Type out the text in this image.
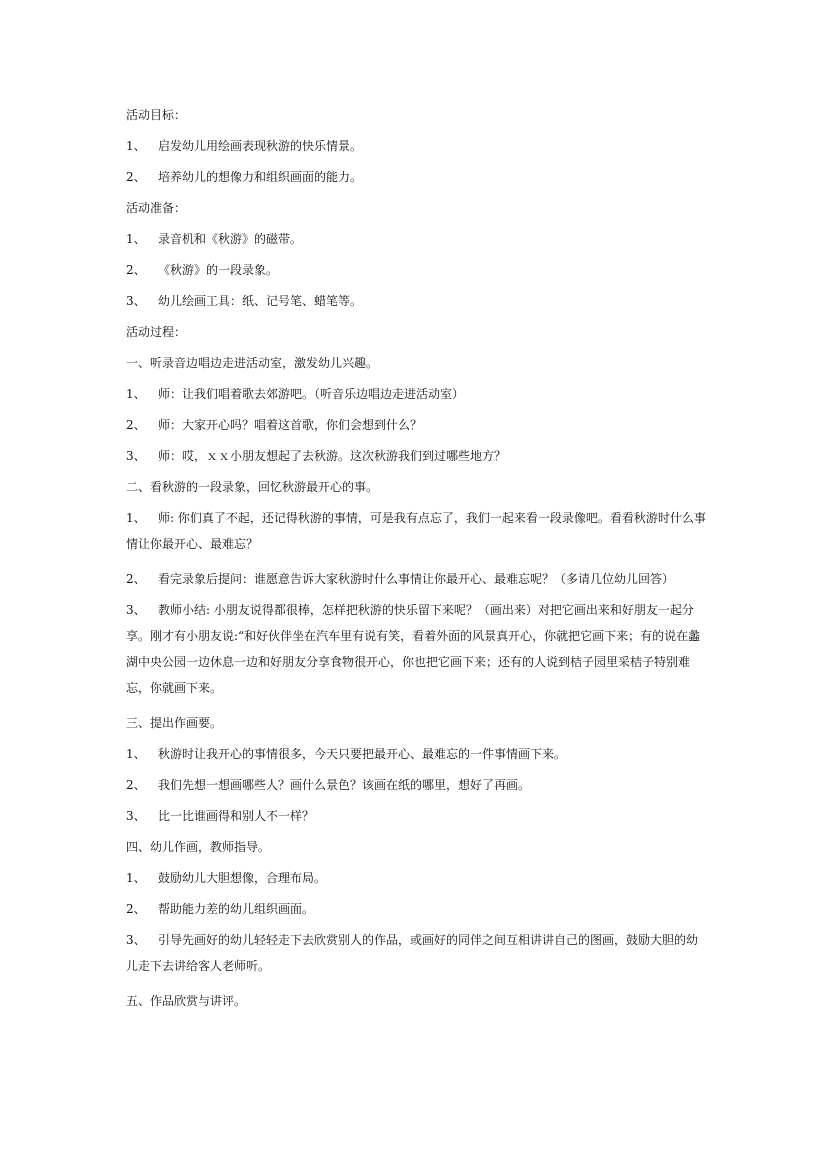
活动目标：

1、 启发幼儿用绘画表现秋游的快乐情景。

2、 培养幼儿的想像力和组织画面的能力。

活动准备：

1、 录音机和《秋游》的磁带。

2、 《秋游》的一段录象。

3、 幼儿绘画工具：纸、记号笔、蜡笔等。

活动过程：

一、听录音边唱边走进活动室，激发幼儿兴趣。

1、 师：让我们唱着歌去郊游吧。（听音乐边唱边走进活动室）

2、 师：大家开心吗？唱着这首歌，你们会想到什么？

3、 师：哎，ｘｘ小朋友想起了去秋游。这次秋游我们到过哪些地方？

二、看秋游的一段录象，回忆秋游最开心的事。

1、 师: 你们真了不起，还记得秋游的事情，可是我有点忘了，我们一起来看一段录像吧。看看秋游时什么事情让你最开心、最难忘？

2、 看完录象后提问：谁愿意告诉大家秋游时什么事情让你最开心、最难忘呢？（多请几位幼儿回答）

3、 教师小结: 小朋友说得都很棒，怎样把秋游的快乐留下来呢？（画出来）对把它画出来和好朋友一起分享。刚才有小朋友说:“和好伙伴坐在汽车里有说有笑，看着外面的风景真开心，你就把它画下来；有的说在蠡湖中央公园一边休息一边和好朋友分享食物很开心，你也把它画下来；还有的人说到桔子园里采桔子特别难忘，你就画下来。

三、提出作画要。

1、 秋游时让我开心的事情很多，今天只要把最开心、最难忘的一件事情画下来。

2、 我们先想一想画哪些人？画什么景色？该画在纸的哪里，想好了再画。

3、 比一比谁画得和别人不一样？

四、幼儿作画，教师指导。

1、 鼓励幼儿大胆想像，合理布局。

2、 帮助能力差的幼儿组织画面。

3、 引导先画好的幼儿轻轻走下去欣赏别人的作品，或画好的同伴之间互相讲讲自己的图画，鼓励大胆的幼儿走下去讲给客人老师听。

五、作品欣赏与讲评。
